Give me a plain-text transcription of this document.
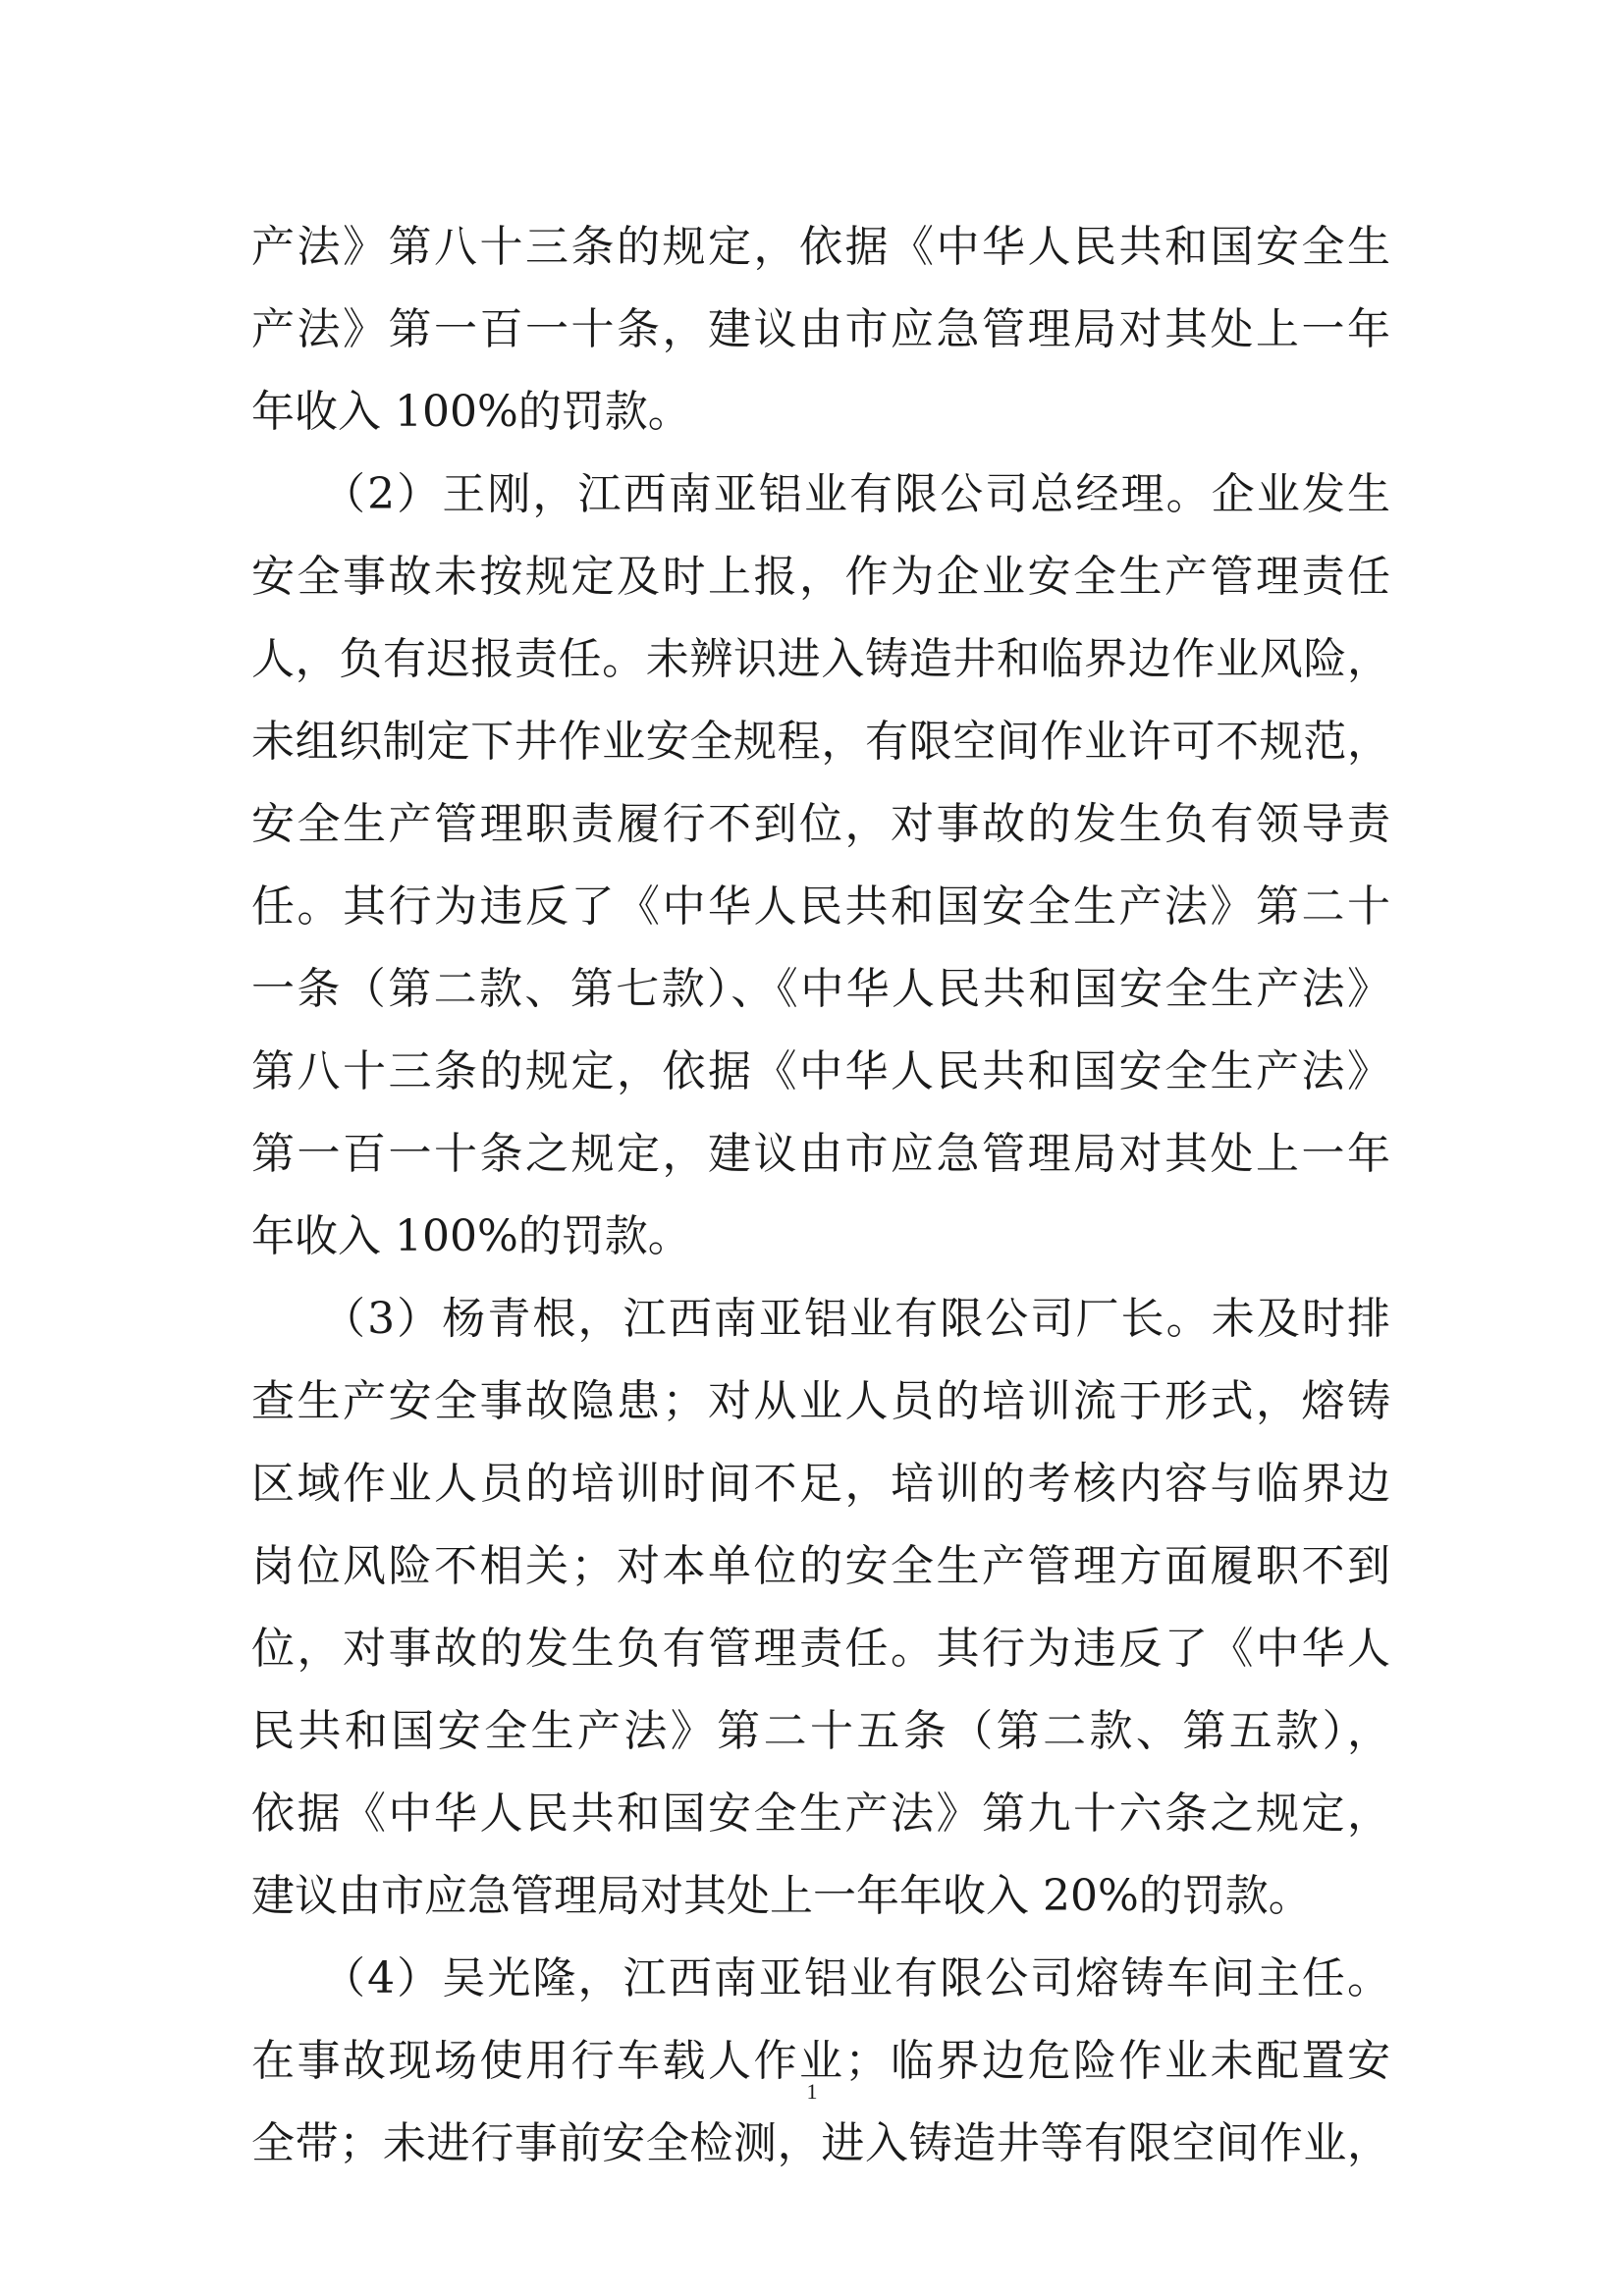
产法》第八十三条的规定，依据《中华人民共和国安全生
产法》第一百一十条，建议由市应急管理局对其处上一年
年收入 100%的罚款。
（2）王刚，江西南亚铝业有限公司总经理。企业发生
安全事故未按规定及时上报，作为企业安全生产管理责任
人，负有迟报责任。未辨识进入铸造井和临界边作业风险，
未组织制定下井作业安全规程，有限空间作业许可不规范，
安全生产管理职责履行不到位，对事故的发生负有领导责
任。其行为违反了《中华人民共和国安全生产法》第二十
一条（第二款、第七款）、《中华人民共和国安全生产法》
第八十三条的规定，依据《中华人民共和国安全生产法》
第一百一十条之规定，建议由市应急管理局对其处上一年
年收入 100%的罚款。
（3）杨青根，江西南亚铝业有限公司厂长。未及时排
查生产安全事故隐患；对从业人员的培训流于形式，熔铸
区域作业人员的培训时间不足，培训的考核内容与临界边
岗位风险不相关；对本单位的安全生产管理方面履职不到
位，对事故的发生负有管理责任。其行为违反了《中华人
民共和国安全生产法》第二十五条（第二款、第五款），
依据《中华人民共和国安全生产法》第九十六条之规定，
建议由市应急管理局对其处上一年年收入 20%的罚款。
（4）吴光隆，江西南亚铝业有限公司熔铸车间主任。
在事故现场使用行车载人作业；临界边危险作业未配置安
全带；未进行事前安全检测，进入铸造井等有限空间作业，
1
